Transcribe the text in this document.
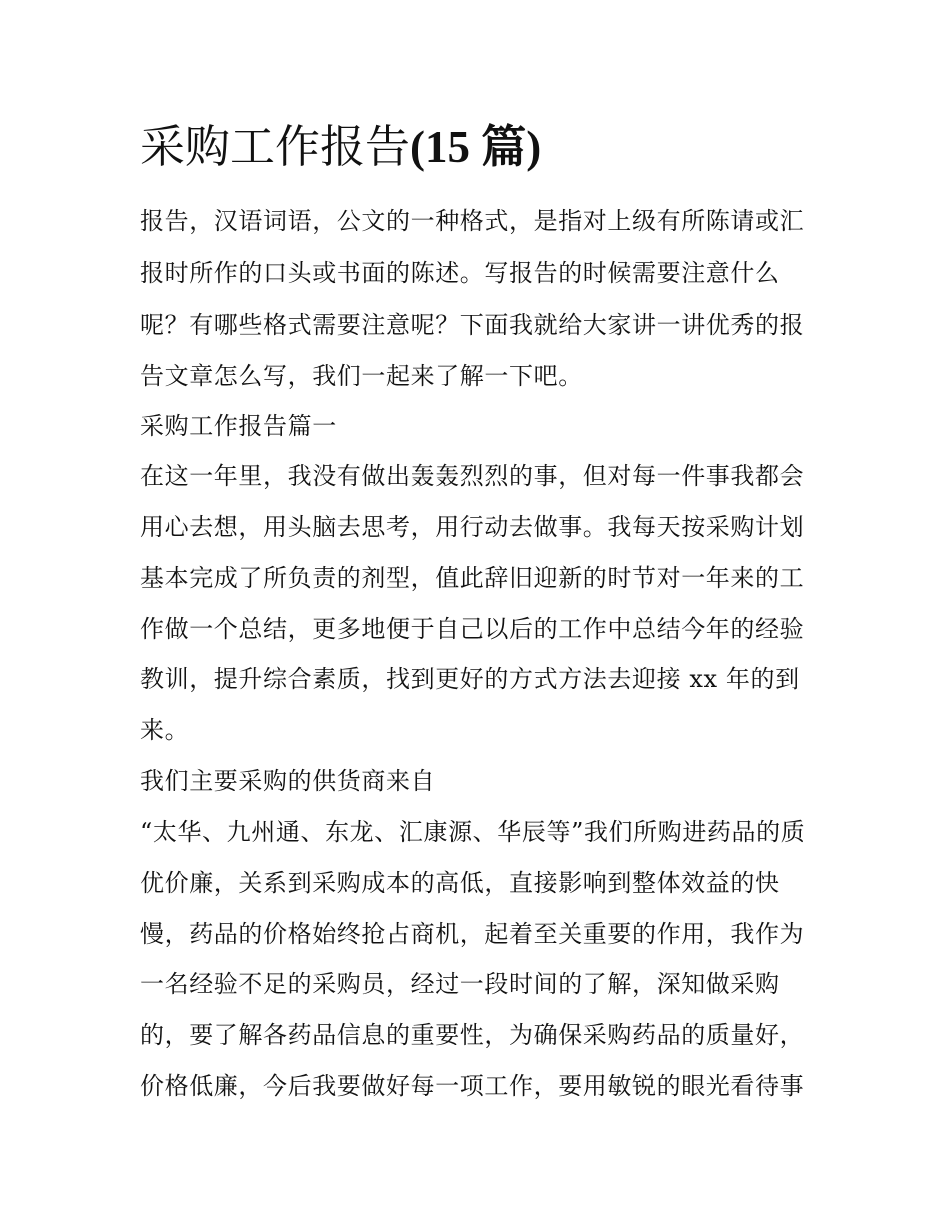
采购工作报告(15 篇)
报告，汉语词语，公文的一种格式，是指对上级有所陈请或汇
报时所作的口头或书面的陈述。写报告的时候需要注意什么
呢？有哪些格式需要注意呢？下面我就给大家讲一讲优秀的报
告文章怎么写，我们一起来了解一下吧。
采购工作报告篇一
在这一年里，我没有做出轰轰烈烈的事，但对每一件事我都会
用心去想，用头脑去思考，用行动去做事。我每天按采购计划
基本完成了所负责的剂型，值此辞旧迎新的时节对一年来的工
作做一个总结，更多地便于自己以后的工作中总结今年的经验
教训，提升综合素质，找到更好的方式方法去迎接 xx 年的到
来。
我们主要采购的供货商来自
“太华、九州通、东龙、汇康源、华辰等”我们所购进药品的质
优价廉，关系到采购成本的高低，直接影响到整体效益的快
慢，药品的价格始终抢占商机，起着至关重要的作用，我作为
一名经验不足的采购员，经过一段时间的了解，深知做采购
的，要了解各药品信息的重要性，为确保采购药品的质量好，
价格低廉，今后我要做好每一项工作，要用敏锐的眼光看待事
